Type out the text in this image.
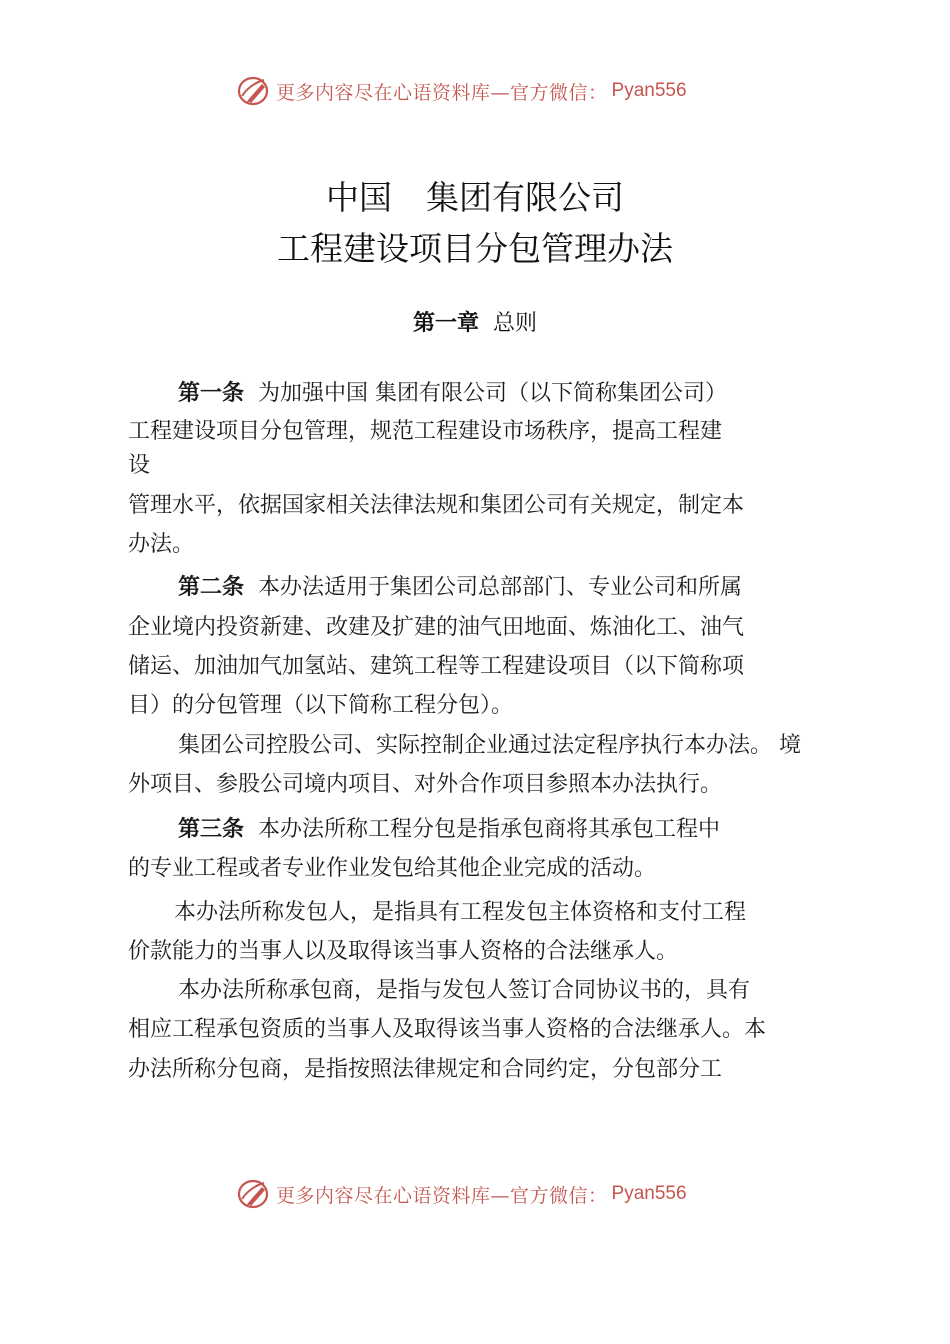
更多内容尽在心语资料库—官方微信： Pyan556
中国 集团有限公司
工程建设项目分包管理办法
第一章 总则
第一条 为加强中国 集团有限公司（以下简称集团公司）
工程建设项目分包管理，规范工程建设市场秩序，提高工程建
设
管理水平，依据国家相关法律法规和集团公司有关规定，制定本
办法。
第二条 本办法适用于集团公司总部部门、专业公司和所属
企业境内投资新建、改建及扩建的油气田地面、炼油化工、油气
储运、加油加气加氢站、建筑工程等工程建设项目（以下简称项
目）的分包管理（以下简称工程分包）。
集团公司控股公司、实际控制企业通过法定程序执行本办法。 境
外项目、参股公司境内项目、对外合作项目参照本办法执行。
第三条 本办法所称工程分包是指承包商将其承包工程中
的专业工程或者专业作业发包给其他企业完成的活动。
本办法所称发包人，是指具有工程发包主体资格和支付工程
价款能力的当事人以及取得该当事人资格的合法继承人。
本办法所称承包商，是指与发包人签订合同协议书的，具有
相应工程承包资质的当事人及取得该当事人资格的合法继承人。本
办法所称分包商，是指按照法律规定和合同约定，分包部分工
更多内容尽在心语资料库—官方微信： Pyan556
